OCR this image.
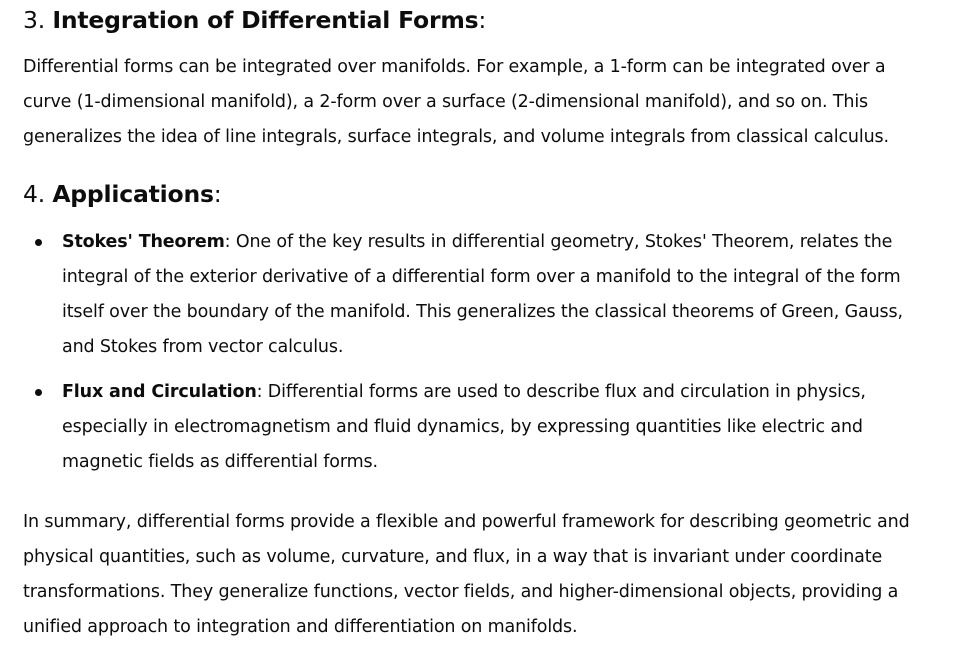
3. Integration of Differential Forms:

Differential forms can be integrated over manifolds. For example, a 1-form can be integrated over a curve (1-dimensional manifold), a 2-form over a surface (2-dimensional manifold), and so on. This generalizes the idea of line integrals, surface integrals, and volume integrals from classical calculus.

4. Applications:
Stokes' Theorem: One of the key results in differential geometry, Stokes' Theorem, relates the integral of the exterior derivative of a differential form over a manifold to the integral of the form itself over the boundary of the manifold. This generalizes the classical theorems of Green, Gauss, and Stokes from vector calculus.
Flux and Circulation: Differential forms are used to describe flux and circulation in physics, especially in electromagnetism and fluid dynamics, by expressing quantities like electric and magnetic fields as differential forms.

In summary, differential forms provide a flexible and powerful framework for describing geometric and physical quantities, such as volume, curvature, and flux, in a way that is invariant under coordinate transformations. They generalize functions, vector fields, and higher-dimensional objects, providing a unified approach to integration and differentiation on manifolds.
